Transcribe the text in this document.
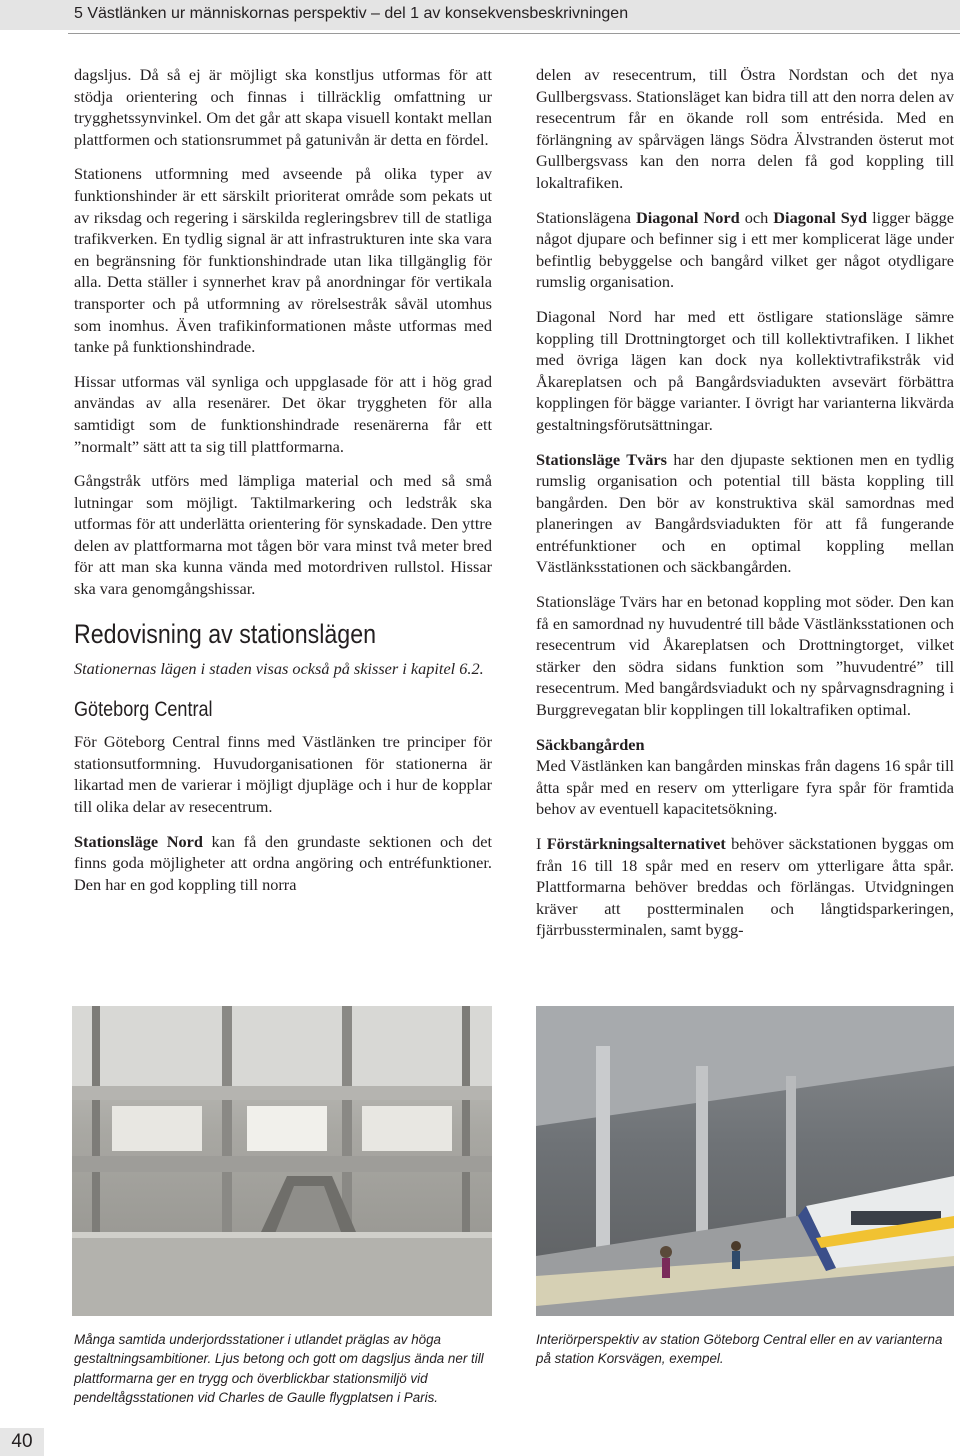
5 Västlänken ur människornas perspektiv – del 1 av konsekvensbeskrivningen

dagsljus. Då så ej är möjligt ska konstljus utformas för att stödja orientering och finnas i tillräcklig omfattning ur trygghetssynvinkel. Om det går att skapa visuell kontakt mellan plattformen och stationsrummet på gatunivån är detta en fördel.

Stationens utformning med avseende på olika typer av funktionshinder är ett särskilt prioriterat område som pekats ut av riksdag och regering i särskilda regleringsbrev till de statliga trafikverken. En tydlig signal är att infrastrukturen inte ska vara en begränsning för funktionshindrade utan lika tillgänglig för alla. Detta ställer i synnerhet krav på anordningar för vertikala transporter och på utformning av rörelsestråk såväl utomhus som inomhus. Även trafikinformationen måste utformas med tanke på funktionshindrade.

Hissar utformas väl synliga och uppglasade för att i hög grad användas av alla resenärer. Det ökar tryggheten för alla samtidigt som de funktionshindrade resenärerna får ett ”normalt” sätt att ta sig till plattformarna.

Gångstråk utförs med lämpliga material och med så små lutningar som möjligt. Taktilmarkering och ledstråk ska utformas för att underlätta orientering för synskadade. Den yttre delen av plattformarna mot tågen bör vara minst två meter bred för att man ska kunna vända med motordriven rullstol. Hissar ska vara genomgångshissar.

Redovisning av stationslägen

Stationernas lägen i staden visas också på skisser i kapitel 6.2.

Göteborg Central

För Göteborg Central finns med Västlänken tre principer för stationsutformning. Huvudorganisationen för stationerna är likartad men de varierar i möjligt djupläge och i hur de kopplar till olika delar av resecentrum.

Stationsläge Nord kan få den grundaste sektionen och det finns goda möjligheter att ordna angöring och entréfunktioner. Den har en god koppling till norra

delen av resecentrum, till Östra Nordstan och det nya Gullbergsvass. Stationsläget kan bidra till att den norra delen av resecentrum får en ökande roll som entrésida. Med en förlängning av spårvägen längs Södra Älvstranden österut mot Gullbergsvass kan den norra delen få god koppling till lokaltrafiken.

Stationslägena Diagonal Nord och Diagonal Syd ligger bägge något djupare och befinner sig i ett mer komplicerat läge under befintlig bebyggelse och bangård vilket ger något otydligare rumslig organisation.

Diagonal Nord har med ett östligare stationsläge sämre koppling till Drottningtorget och till kollektivtrafiken. I likhet med övriga lägen kan dock nya kollektivtrafikstråk vid Åkareplatsen och på Bangårdsviadukten avsevärt förbättra kopplingen för bägge varianter. I övrigt har varianterna likvärda gestaltningsförutsättningar.

Stationsläge Tvärs har den djupaste sektionen men en tydlig rumslig organisation och potential till bästa koppling till bangården. Den bör av konstruktiva skäl samordnas med planeringen av Bangårdsviadukten för att få fungerande entréfunktioner och en optimal koppling mellan Västlänksstationen och säckbangården.

Stationsläge Tvärs har en betonad koppling mot söder. Den kan få en samordnad ny huvudentré till både Västlänksstationen och resecentrum vid Åkareplatsen och Drottningtorget, vilket stärker den södra sidans funktion som ”huvudentré” till resecentrum. Med bangårdsviadukt och ny spårvagnsdragning i Burggrevegatan blir kopplingen till lokaltrafiken optimal.

Säckbangården

Med Västlänken kan bangården minskas från dagens 16 spår till åtta spår med en reserv om ytterligare fyra spår för framtida behov av eventuell kapacitetsökning.

I Förstärkningsalternativet behöver säckstationen byggas om från 16 till 18 spår med en reserv om ytterligare åtta spår. Plattformarna behöver breddas och förlängas. Utvidgningen kräver att postterminalen och långtidsparkeringen, fjärrbussterminalen, samt bygg-

Många samtida underjordsstationer i utlandet präglas av höga gestaltningsambitioner. Ljus betong och gott om dagsljus ända ner till plattformarna ger en trygg och överblickbar stationsmiljö vid pendeltågsstationen vid Charles de Gaulle flygplatsen i Paris.
Interiörperspektiv av station Göteborg Central eller en av varianterna på station Korsvägen, exempel.
40
